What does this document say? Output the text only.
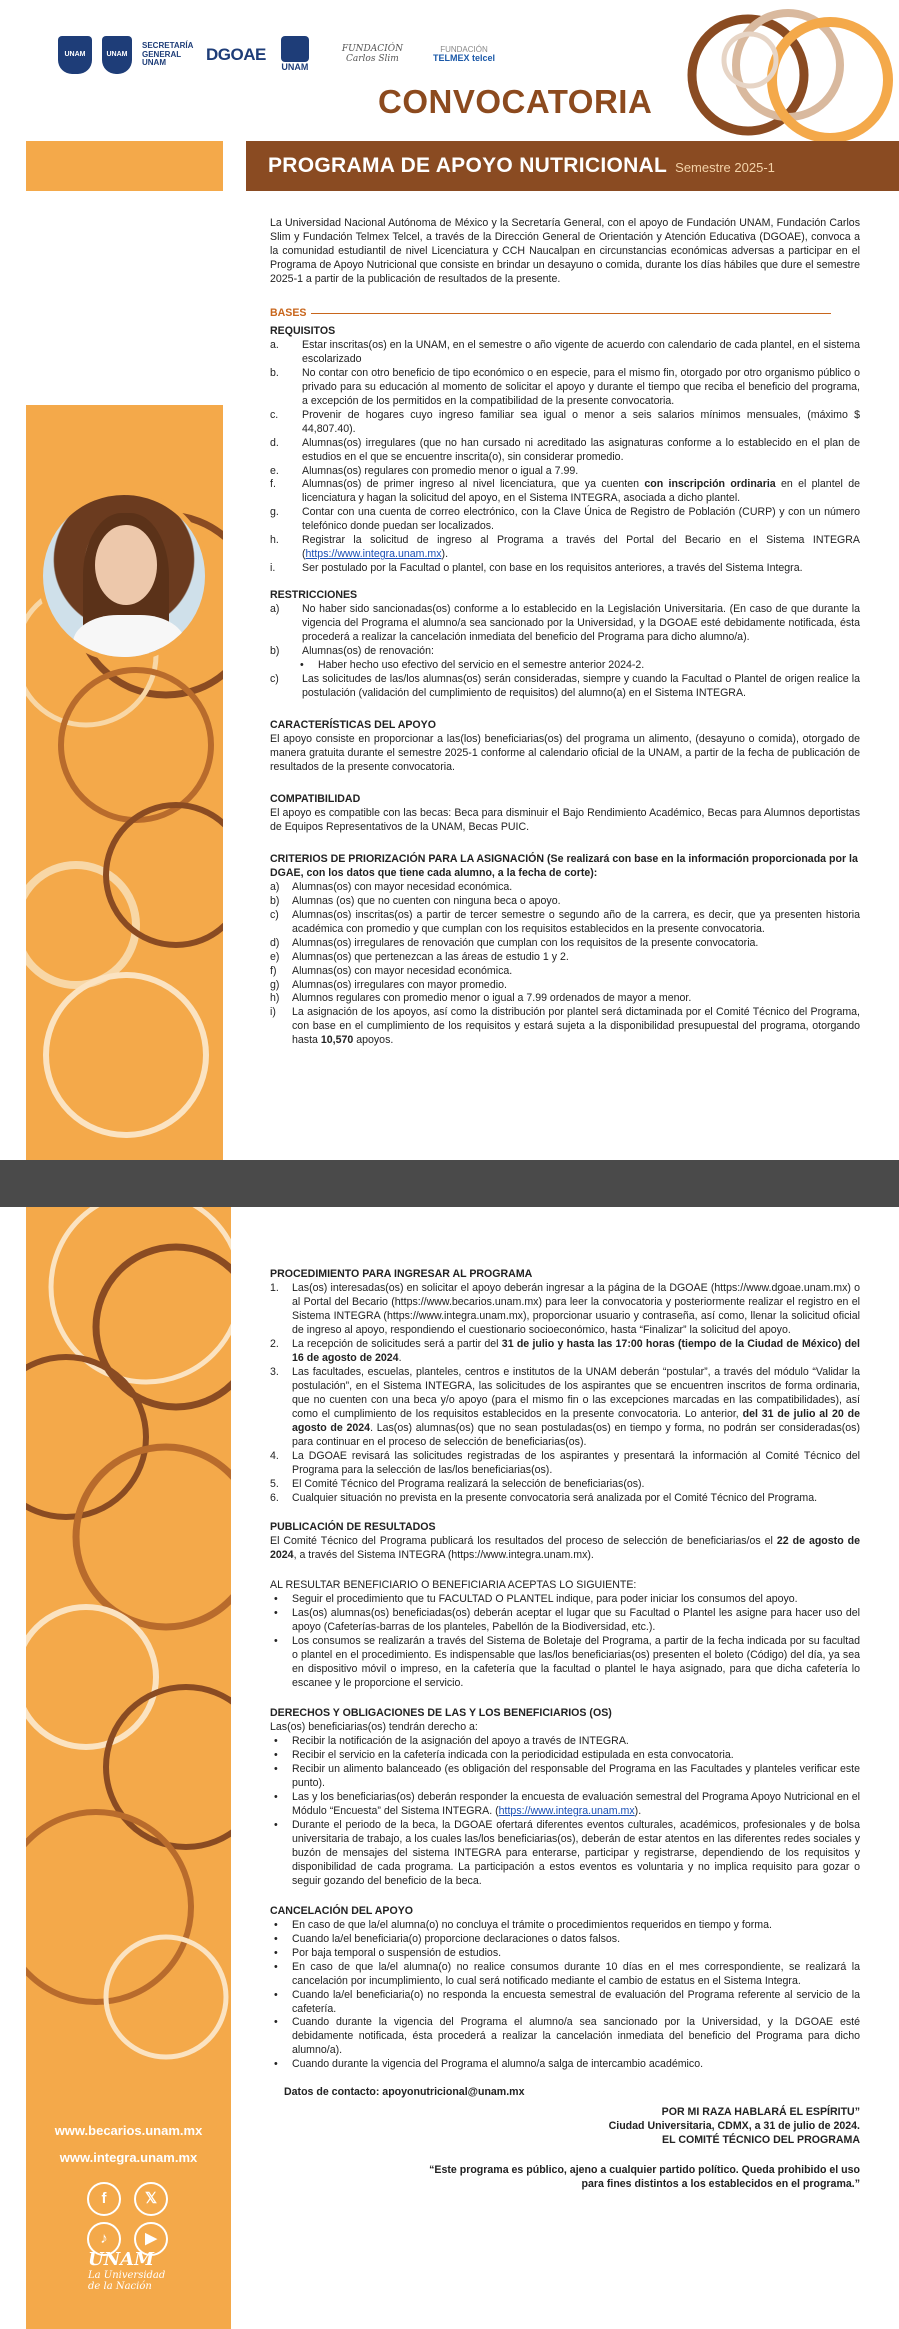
UNAM	UNAM
SECRETARÍA GENERAL
UNAM	DGOAE
UNAM
FUNDACIÓN
Carlos Slim
FUNDACIÓN
TELMEX telcel
CONVOCATORIA
PROGRAMA DE APOYO NUTRICIONAL Semestre 2025-1

La Universidad Nacional Autónoma de México y la Secretaría General, con el apoyo de Fundación UNAM, Fundación Carlos Slim y Fundación Telmex Telcel, a través de la Dirección General de Orientación y Atención Educativa (DGOAE), convoca a la comunidad estudiantil de nivel Licenciatura y CCH Naucalpan en circunstancias económicas adversas a participar en el Programa de Apoyo Nutricional que consiste en brindar un desayuno o comida, durante los días hábiles que dure el semestre 2025-1 a partir de la publicación de resultados de la presente.

BASES
REQUISITOS
a.	Estar inscritas(os) en la UNAM, en el semestre o año vigente de acuerdo con calendario de cada plantel, en el sistema escolarizado
b.	No contar con otro beneficio de tipo económico o en especie, para el mismo fin, otorgado por otro organismo público o privado para su educación al momento de solicitar el apoyo y durante el tiempo que reciba el beneficio del programa, a excepción de los permitidos en la compatibilidad de la presente convocatoria.
c.	Provenir de hogares cuyo ingreso familiar sea igual o menor a seis salarios mínimos mensuales, (máximo $ 44,807.40).
d.	Alumnas(os) irregulares (que no han cursado ni acreditado las asignaturas conforme a lo establecido en el plan de estudios en el que se encuentre inscrita(o), sin considerar promedio.
e.	Alumnas(os) regulares con promedio menor o igual a 7.99.
f.	Alumnas(os) de primer ingreso al nivel licenciatura, que ya cuenten con inscripción ordinaria en el plantel de licenciatura y hagan la solicitud del apoyo, en el Sistema INTEGRA, asociada a dicho plantel.
g.	Contar con una cuenta de correo electrónico, con la Clave Única de Registro de Población (CURP) y con un número telefónico donde puedan ser localizados.
h.	Registrar la solicitud de ingreso al Programa a través del Portal del Becario en el Sistema INTEGRA (https://www.integra.unam.mx).
i.	Ser postulado por la Facultad o plantel, con base en los requisitos anteriores, a través del Sistema Integra.
RESTRICCIONES
a)	No haber sido sancionadas(os) conforme a lo establecido en la Legislación Universitaria. (En caso de que durante la vigencia del Programa el alumno/a sea sancionado por la Universidad, y la DGOAE esté debidamente notificada, ésta procederá a realizar la cancelación inmediata del beneficio del Programa para dicho alumno/a).
b)	Alumnas(os) de renovación:
•	Haber hecho uso efectivo del servicio en el semestre anterior 2024-2.
c)	Las solicitudes de las/los alumnas(os) serán consideradas, siempre y cuando la Facultad o Plantel de origen realice la postulación (validación del cumplimiento de requisitos) del alumno(a) en el Sistema INTEGRA.
CARACTERÍSTICAS DEL APOYO

El apoyo consiste en proporcionar a las(los) beneficiarias(os) del programa un alimento, (desayuno o comida), otorgado de manera gratuita durante el semestre 2025-1 conforme al calendario oficial de la UNAM, a partir de la fecha de publicación de resultados de la presente convocatoria.

COMPATIBILIDAD

El apoyo es compatible con las becas: Beca para disminuir el Bajo Rendimiento Académico, Becas para Alumnos deportistas de Equipos Representativos de la UNAM, Becas PUIC.

CRITERIOS DE PRIORIZACIÓN PARA LA ASIGNACIÓN (Se realizará con base en la información proporcionada por la DGAE, con los datos que tiene cada alumno, a la fecha de corte):
a)	Alumnas(os) con mayor necesidad económica.
b)	Alumnas (os) que no cuenten con ninguna beca o apoyo.
c)	Alumnas(os) inscritas(os) a partir de tercer semestre o segundo año de la carrera, es decir, que ya presenten historia académica con promedio y que cumplan con los requisitos establecidos en la presente convocatoria.
d)	Alumnas(os) irregulares de renovación que cumplan con los requisitos de la presente convocatoria.
e)	Alumnas(os) que pertenezcan a las áreas de estudio 1 y 2.
f)	Alumnas(os) con mayor necesidad económica.
g)	Alumnas(os) irregulares con mayor promedio.
h)	Alumnos regulares con promedio menor o igual a 7.99 ordenados de mayor a menor.
i)	La asignación de los apoyos, así como la distribución por plantel será dictaminada por el Comité Técnico del Programa, con base en el cumplimiento de los requisitos y estará sujeta a la disponibilidad presupuestal del programa, otorgando hasta 10,570 apoyos.
www.becarios.unam.mx
www.integra.unam.mx
f	𝕏
♪	▶
UNAM
La Universidad
de la Nación
PROCEDIMIENTO PARA INGRESAR AL PROGRAMA
1.	Las(os) interesadas(os) en solicitar el apoyo deberán ingresar a la página de la DGOAE (https://www.dgoae.unam.mx) o al Portal del Becario (https://www.becarios.unam.mx) para leer la convocatoria y posteriormente realizar el registro en el Sistema INTEGRA (https://www.integra.unam.mx), proporcionar usuario y contraseña, así como, llenar la solicitud oficial de ingreso al apoyo, respondiendo el cuestionario socioeconómico, hasta “Finalizar” la solicitud del apoyo.
2.	La recepción de solicitudes será a partir del 31 de julio y hasta las 17:00 horas (tiempo de la Ciudad de México) del 16 de agosto de 2024.
3.	Las facultades, escuelas, planteles, centros e institutos de la UNAM deberán “postular”, a través del módulo “Validar la postulación”, en el Sistema INTEGRA, las solicitudes de los aspirantes que se encuentren inscritos de forma ordinaria, que no cuenten con una beca y/o apoyo (para el mismo fin o las excepciones marcadas en las compatibilidades), así como el cumplimiento de los requisitos establecidos en la presente convocatoria. Lo anterior, del 31 de julio al 20 de agosto de 2024. Las(os) alumnas(os) que no sean postuladas(os) en tiempo y forma, no podrán ser consideradas(os) para continuar en el proceso de selección de beneficiarias(os).
4.	La DGOAE revisará las solicitudes registradas de los aspirantes y presentará la información al Comité Técnico del Programa para la selección de las/los beneficiarias(os).
5.	El Comité Técnico del Programa realizará la selección de beneficiarias(os).
6.	Cualquier situación no prevista en la presente convocatoria será analizada por el Comité Técnico del Programa.
PUBLICACIÓN DE RESULTADOS

El Comité Técnico del Programa publicará los resultados del proceso de selección de beneficiarias/os el 22 de agosto de 2024, a través del Sistema INTEGRA (https://www.integra.unam.mx).

AL RESULTAR BENEFICIARIO O BENEFICIARIA ACEPTAS LO SIGUIENTE:
•	Seguir el procedimiento que tu FACULTAD O PLANTEL indique, para poder iniciar los consumos del apoyo.
•	Las(os) alumnas(os) beneficiadas(os) deberán aceptar el lugar que su Facultad o Plantel les asigne para hacer uso del apoyo (Cafeterías-barras de los planteles, Pabellón de la Biodiversidad, etc.).
•	Los consumos se realizarán a través del Sistema de Boletaje del Programa, a partir de la fecha indicada por su facultad o plantel en el procedimiento. Es indispensable que las/los beneficiarias(os) presenten el boleto (Código) del día, ya sea en dispositivo móvil o impreso, en la cafetería que la facultad o plantel le haya asignado, para que dicha cafetería lo escanee y le proporcione el servicio.
DERECHOS Y OBLIGACIONES DE LAS Y LOS BENEFICIARIOS (OS)

Las(os) beneficiarias(os) tendrán derecho a:

•	Recibir la notificación de la asignación del apoyo a través de INTEGRA.
•	Recibir el servicio en la cafetería indicada con la periodicidad estipulada en esta convocatoria.
•	Recibir un alimento balanceado (es obligación del responsable del Programa en las Facultades y planteles verificar este punto).
•	Las y los beneficiarias(os) deberán responder la encuesta de evaluación semestral del Programa Apoyo Nutricional en el Módulo “Encuesta” del Sistema INTEGRA. (https://www.integra.unam.mx).
•	Durante el periodo de la beca, la DGOAE ofertará diferentes eventos culturales, académicos, profesionales y de bolsa universitaria de trabajo, a los cuales las/los beneficiarias(os), deberán de estar atentos en las diferentes redes sociales y buzón de mensajes del sistema INTEGRA para enterarse, participar y registrarse, dependiendo de los requisitos y disponibilidad de cada programa. La participación a estos eventos es voluntaria y no implica requisito para gozar o seguir gozando del beneficio de la beca.
CANCELACIÓN DEL APOYO
•	En caso de que la/el alumna(o) no concluya el trámite o procedimientos requeridos en tiempo y forma.
•	Cuando la/el beneficiaria(o) proporcione declaraciones o datos falsos.
•	Por baja temporal o suspensión de estudios.
•	En caso de que la/el alumna(o) no realice consumos durante 10 días en el mes correspondiente, se realizará la cancelación por incumplimiento, lo cual será notificado mediante el cambio de estatus en el Sistema Integra.
•	Cuando la/el beneficiaria(o) no responda la encuesta semestral de evaluación del Programa referente al servicio de la cafetería.
•	Cuando durante la vigencia del Programa el alumno/a sea sancionado por la Universidad, y la DGOAE esté debidamente notificada, ésta procederá a realizar la cancelación inmediata del beneficio del Programa para dicho alumno/a).
•	Cuando durante la vigencia del Programa el alumno/a salga de intercambio académico.
Datos de contacto: apoyonutricional@unam.mx
POR MI RAZA HABLARÁ EL ESPÍRITU”
Ciudad Universitaria, CDMX, a 31 de julio de 2024.
EL COMITÉ TÉCNICO DEL PROGRAMA
“Este programa es público, ajeno a cualquier partido político. Queda prohibido el uso
para fines distintos a los establecidos en el programa.”
